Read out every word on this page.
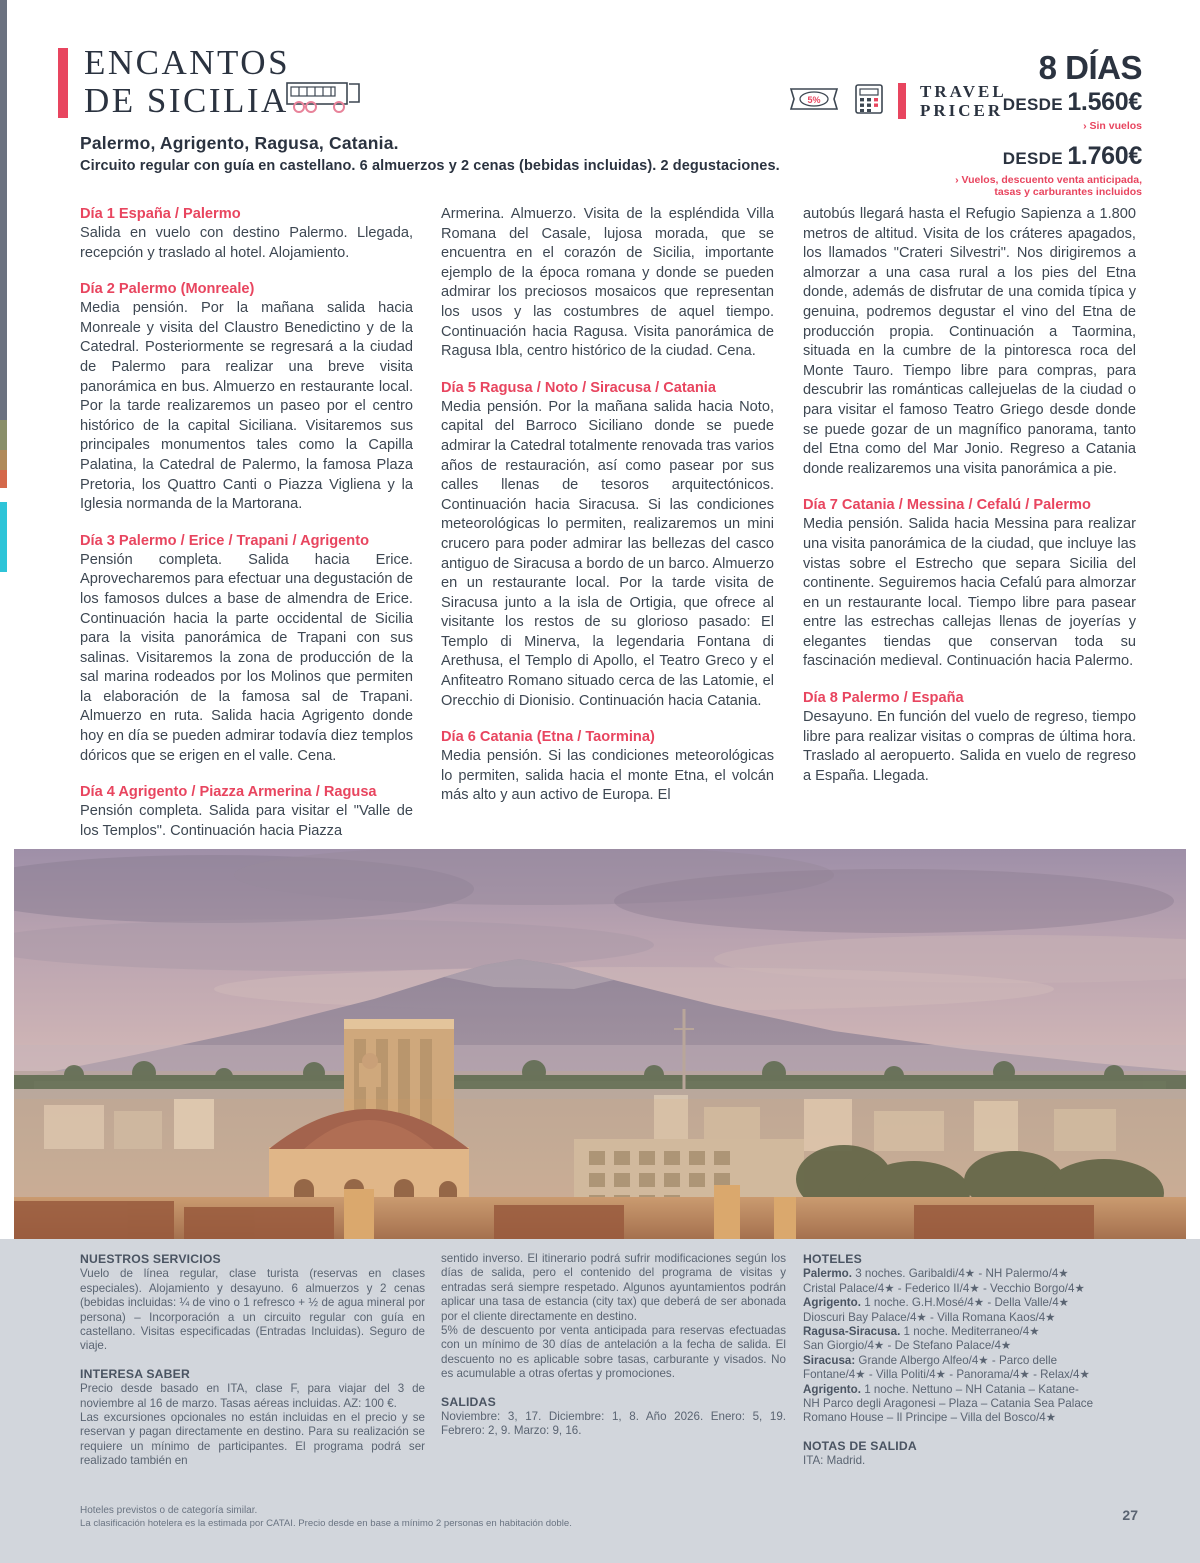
ENCANTOS
DE SICILIA
Palermo, Agrigento, Ragusa, Catania.
Circuito regular con guía en castellano. 6 almuerzos y 2 cenas (bebidas incluidas). 2 degustaciones.
5%	TRAVEL
PRICER
8 DÍAS
DESDE 1.560€
› Sin vuelos
DESDE 1.760€
› Vuelos, descuento venta anticipada,
tasas y carburantes incluidos
Día 1 España / Palermo
Salida en vuelo con destino Palermo. Llegada, recepción y traslado al hotel. Alojamiento.
Día 2 Palermo (Monreale)
Media pensión. Por la mañana salida hacia Monreale y visita del Claustro Benedictino y de la Catedral. Posteriormente se regresará a la ciudad de Palermo para realizar una breve visita panorámica en bus. Almuerzo en restaurante local. Por la tarde realizaremos un paseo por el centro histórico de la capital Siciliana. Visitaremos sus principales monumentos tales como la Capilla Palatina, la Catedral de Palermo, la famosa Plaza Pretoria, los Quattro Canti o Piazza Vigliena y la Iglesia normanda de la Martorana.
Día 3 Palermo / Erice / Trapani / Agrigento
Pensión completa. Salida hacia Erice. Aprovecharemos para efectuar una degustación de los famosos dulces a base de almendra de Erice. Continuación hacia la parte occidental de Sicilia para la visita panorámica de Trapani con sus salinas. Visitaremos la zona de producción de la sal marina rodeados por los Molinos que permiten la elaboración de la famosa sal de Trapani. Almuerzo en ruta. Salida hacia Agrigento donde hoy en día se pueden admirar todavía diez templos dóricos que se erigen en el valle. Cena.
Día 4 Agrigento / Piazza Armerina / Ragusa
Pensión completa. Salida para visitar el "Valle de los Templos". Continuación hacia Piazza
Armerina. Almuerzo. Visita de la espléndida Villa Romana del Casale, lujosa morada, que se encuentra en el corazón de Sicilia, importante ejemplo de la época romana y donde se pueden admirar los preciosos mosaicos que representan los usos y las costumbres de aquel tiempo. Continuación hacia Ragusa. Visita panorámica de Ragusa Ibla, centro histórico de la ciudad. Cena.
Día 5 Ragusa / Noto / Siracusa / Catania
Media pensión. Por la mañana salida hacia Noto, capital del Barroco Siciliano donde se puede admirar la Catedral totalmente renovada tras varios años de restauración, así como pasear por sus calles llenas de tesoros arquitectónicos. Continuación hacia Siracusa. Si las condiciones meteorológicas lo permiten, realizaremos un mini crucero para poder admirar las bellezas del casco antiguo de Siracusa a bordo de un barco. Almuerzo en un restaurante local. Por la tarde visita de Siracusa junto a la isla de Ortigia, que ofrece al visitante los restos de su glorioso pasado: El Templo di Minerva, la legendaria Fontana di Arethusa, el Templo di Apollo, el Teatro Greco y el Anfiteatro Romano situado cerca de las Latomie, el Orecchio di Dionisio. Continuación hacia Catania.
Día 6 Catania (Etna / Taormina)
Media pensión. Si las condiciones meteorológicas lo permiten, salida hacia el monte Etna, el volcán más alto y aun activo de Europa. El
autobús llegará hasta el Refugio Sapienza a 1.800 metros de altitud. Visita de los cráteres apagados, los llamados "Crateri Silvestri". Nos dirigiremos a almorzar a una casa rural a los pies del Etna donde, además de disfrutar de una comida típica y genuina, podremos degustar el vino del Etna de producción propia. Continuación a Taormina, situada en la cumbre de la pintoresca roca del Monte Tauro. Tiempo libre para compras, para descubrir las románticas callejuelas de la ciudad o para visitar el famoso Teatro Griego desde donde se puede gozar de un magnífico panorama, tanto del Etna como del Mar Jonio. Regreso a Catania donde realizaremos una visita panorámica a pie.
Día 7 Catania / Messina / Cefalú / Palermo
Media pensión. Salida hacia Messina para realizar una visita panorámica de la ciudad, que incluye las vistas sobre el Estrecho que separa Sicilia del continente. Seguiremos hacia Cefalú para almorzar en un restaurante local. Tiempo libre para pasear entre las estrechas callejas llenas de joyerías y elegantes tiendas que conservan toda su fascinación medieval. Continuación hacia Palermo.
Día 8 Palermo / España
Desayuno. En función del vuelo de regreso, tiempo libre para realizar visitas o compras de última hora. Traslado al aeropuerto. Salida en vuelo de regreso a España. Llegada.
NUESTROS SERVICIOS
Vuelo de línea regular, clase turista (reservas en clases especiales). Alojamiento y desayuno. 6 almuerzos y 2 cenas (bebidas incluidas: ¼ de vino o 1 refresco + ½ de agua mineral por persona) – Incorporación a un circuito regular con guía en castellano. Visitas especificadas (Entradas Incluidas). Seguro de viaje.
INTERESA SABER
Precio desde basado en ITA, clase F, para viajar del 3 de noviembre al 16 de marzo. Tasas aéreas incluidas. AZ: 100 €.
Las excursiones opcionales no están incluidas en el precio y se reservan y pagan directamente en destino. Para su realización se requiere un mínimo de participantes. El programa podrá ser realizado también en
sentido inverso. El itinerario podrá sufrir modificaciones según los días de salida, pero el contenido del programa de visitas y entradas será siempre respetado. Algunos ayuntamientos podrán aplicar una tasa de estancia (city tax) que deberá de ser abonada por el cliente directamente en destino.
5% de descuento por venta anticipada para reservas efectuadas con un mínimo de 30 días de antelación a la fecha de salida. El descuento no es aplicable sobre tasas, carburante y visados. No es acumulable a otras ofertas y promociones.
SALIDAS
Noviembre: 3, 17. Diciembre: 1, 8. Año 2026. Enero: 5, 19. Febrero: 2, 9. Marzo: 9, 16.
HOTELES
Palermo. 3 noches. Garibaldi/4★ - NH Palermo/4★
Cristal Palace/4★ - Federico II/4★ - Vecchio Borgo/4★
Agrigento. 1 noche. G.H.Mosé/4★ - Della Valle/4★
Dioscuri Bay Palace/4★ - Villa Romana Kaos/4★
Ragusa-Siracusa. 1 noche. Mediterraneo/4★
San Giorgio/4★ - De Stefano Palace/4★
Siracusa: Grande Albergo Alfeo/4★ - Parco delle
Fontane/4★ - Villa Politi/4★ - Panorama/4★ - Relax/4★
Agrigento. 1 noche. Nettuno – NH Catania – Katane-
NH Parco degli Aragonesi – Plaza – Catania Sea Palace
Romano House – Il Principe – Villa del Bosco/4★
NOTAS DE SALIDA
ITA: Madrid.
Hoteles previstos o de categoría similar.
La clasificación hotelera es la estimada por CATAI. Precio desde en base a mínimo 2 personas en habitación doble.
27
